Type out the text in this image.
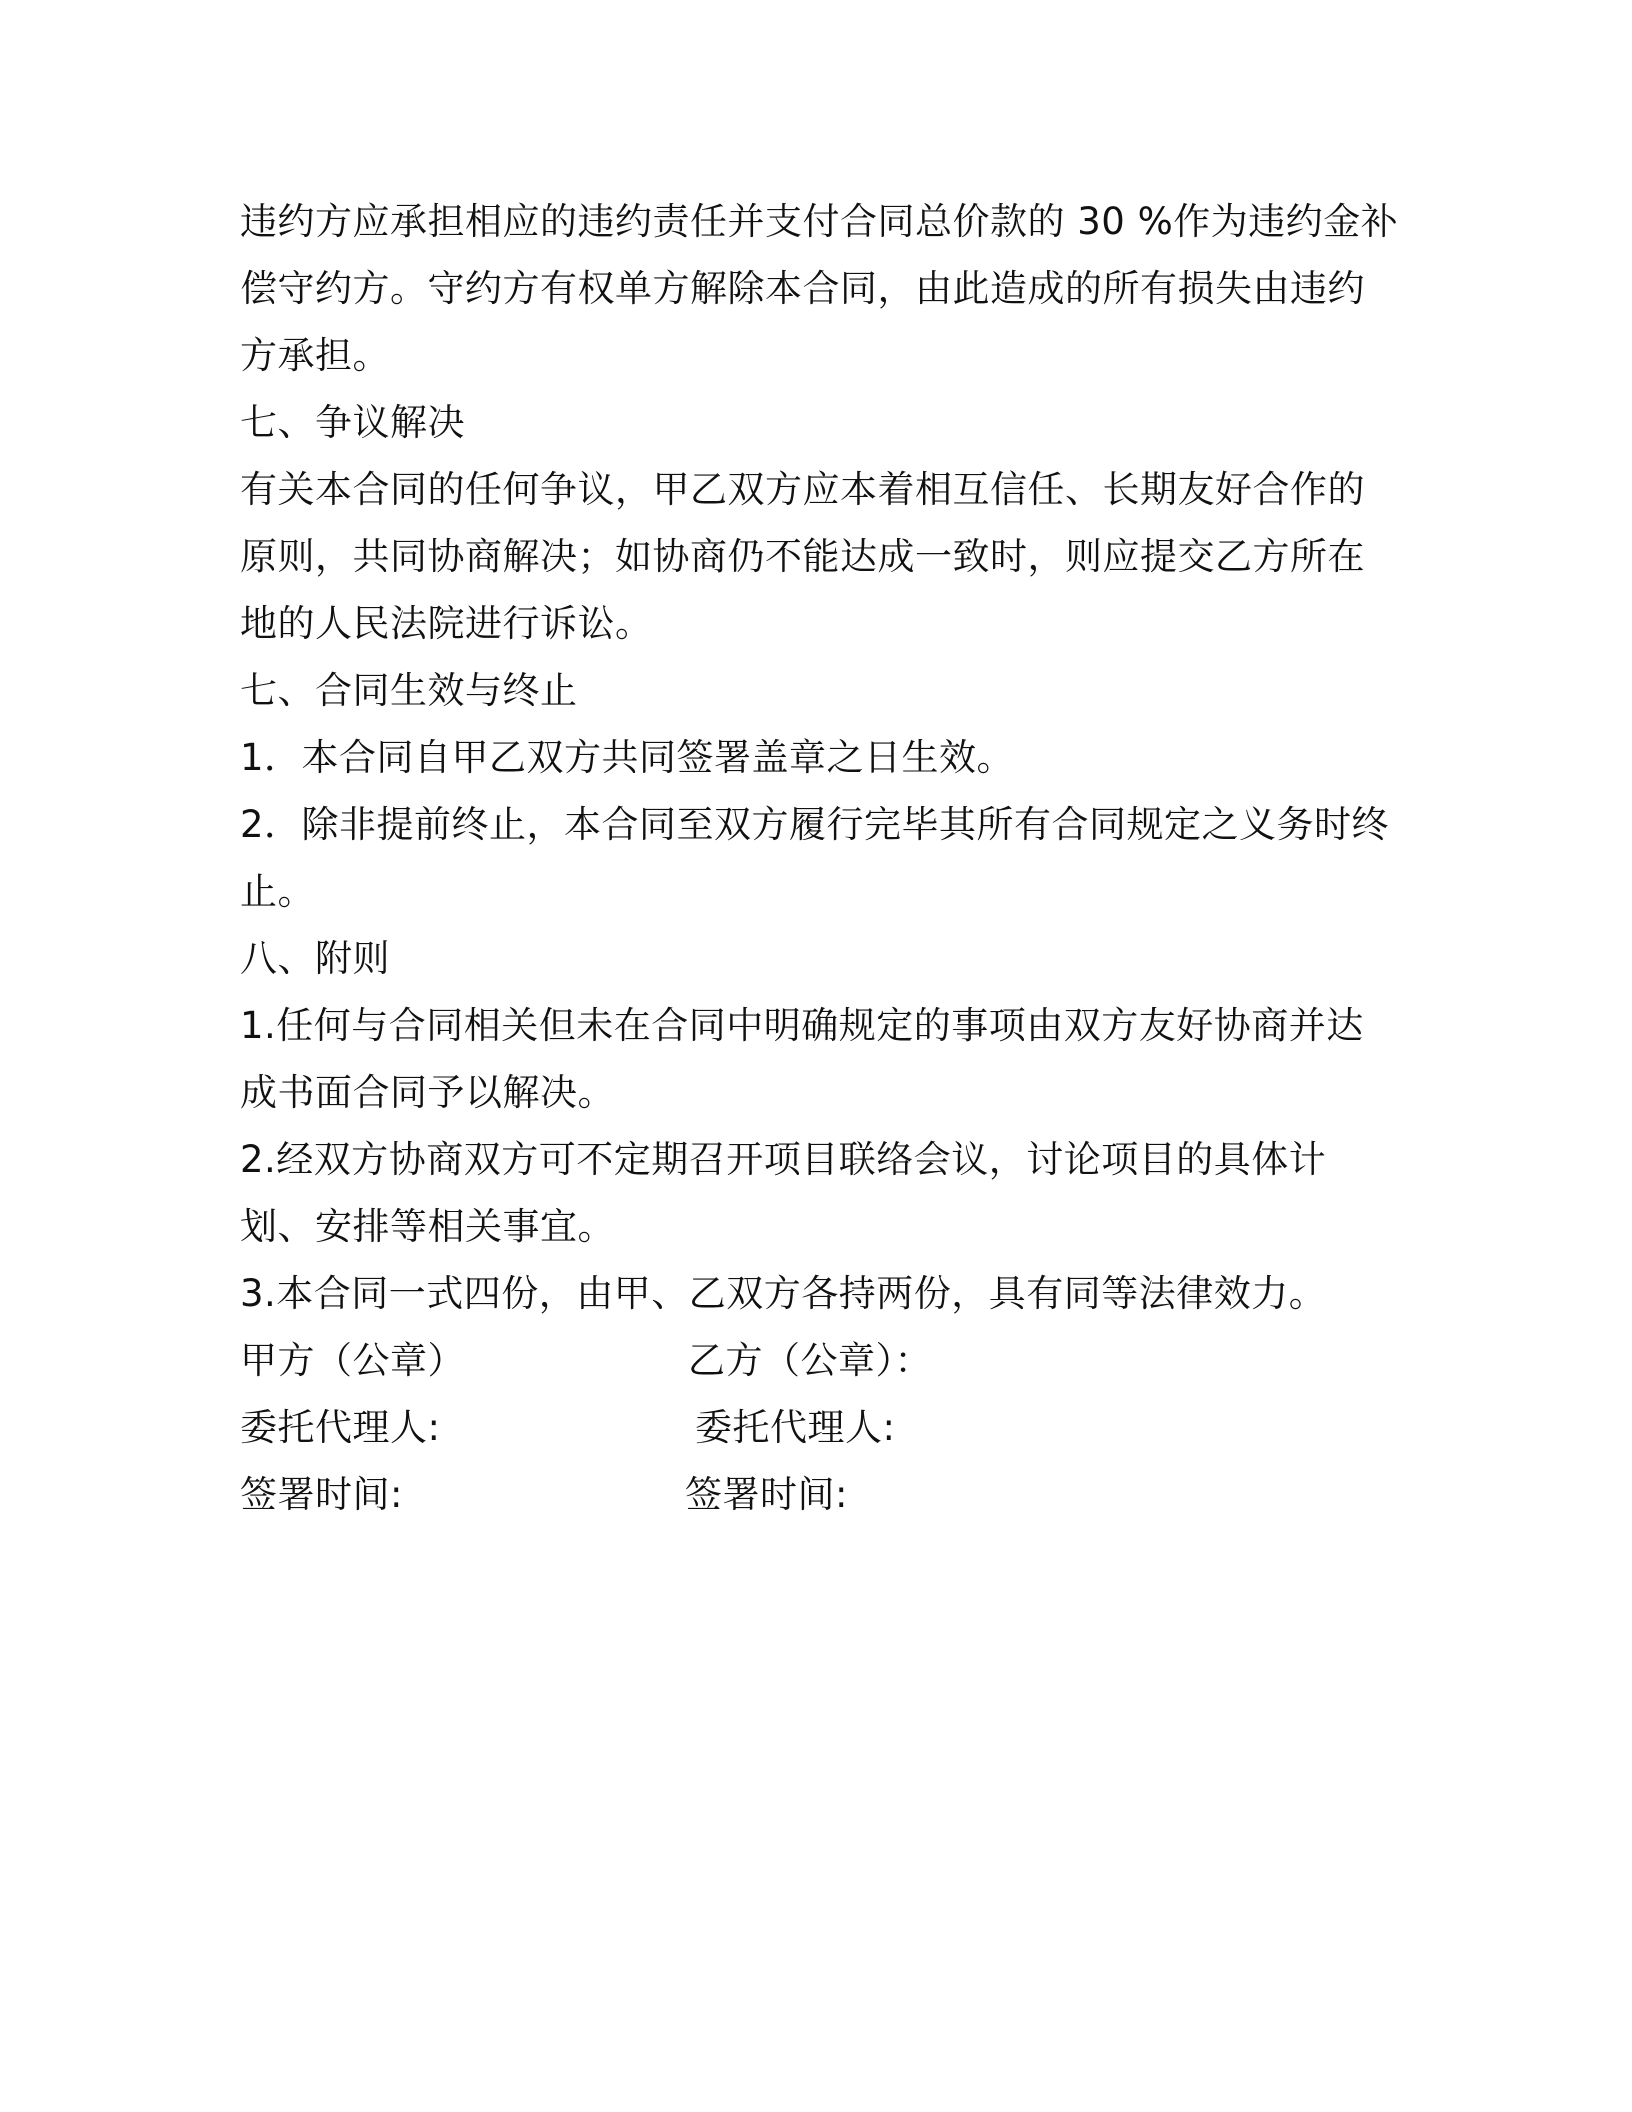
违约方应承担相应的违约责任并支付合同总价款的 30 %作为违约金补

偿守约方。守约方有权单方解除本合同，由此造成的所有损失由违约

方承担。

七、争议解决

有关本合同的任何争议，甲乙双方应本着相互信任、长期友好合作的

原则，共同协商解决；如协商仍不能达成一致时，则应提交乙方所在

地的人民法院进行诉讼。

七、合同生效与终止

1．本合同自甲乙双方共同签署盖章之日生效。

2．除非提前终止，本合同至双方履行完毕其所有合同规定之义务时终

止。

八、附则

1.任何与合同相关但未在合同中明确规定的事项由双方友好协商并达

成书面合同予以解决。

2.经双方协商双方可不定期召开项目联络会议，讨论项目的具体计

划、安排等相关事宜。

3.本合同一式四份，由甲、乙双方各持两份，具有同等法律效力。

甲方（公章）	乙方（公章）：
委托代理人:	委托代理人:
签署时间:	签署时间:
